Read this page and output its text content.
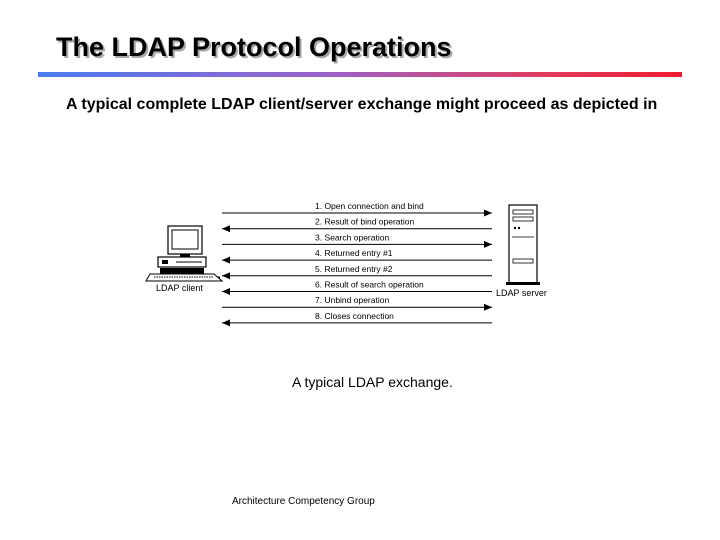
The LDAP Protocol Operations

A typical complete LDAP client/server exchange might proceed as depicted in

LDAP client	LDAP server
1. Open connection and bind
2. Result of bind operation
3. Search operation
4. Returned entry #1
5. Returned entry #2
6. Result of search operation
7. Unbind operation
8. Closes connection

A typical LDAP exchange.

Architecture Competency Group
